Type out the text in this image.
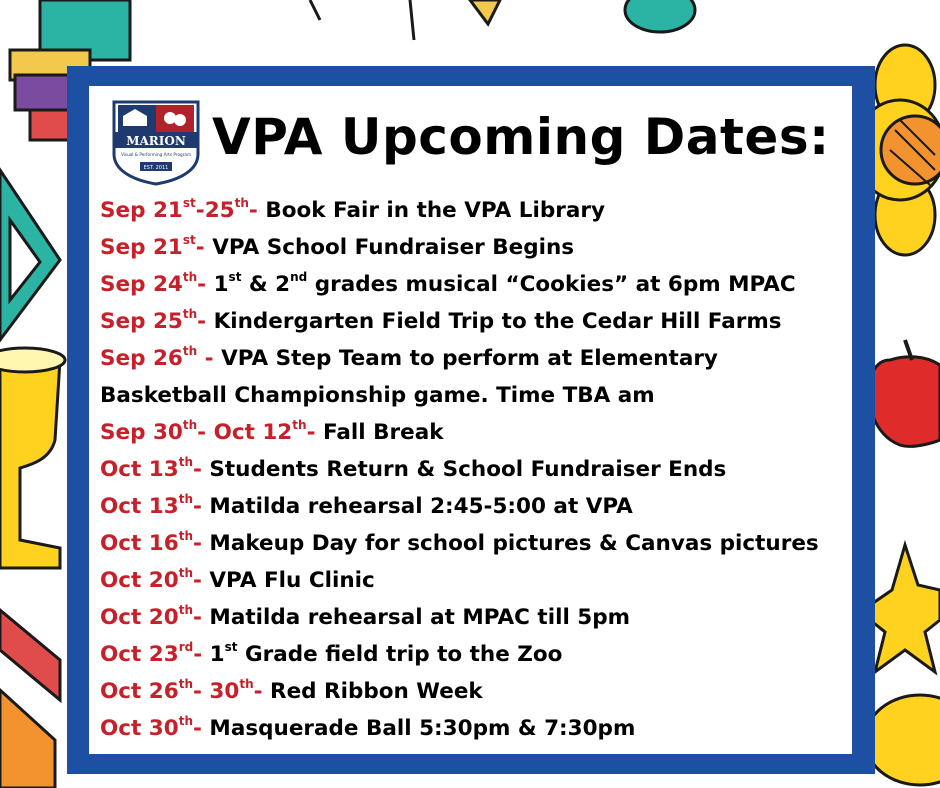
MARION
Visual & Performing Arts Program
EST. 2011
VPA Upcoming Dates:
Sep 21st-25th- Book Fair in the VPA Library
Sep 21st- VPA School Fundraiser Begins
Sep 24th- 1st & 2nd grades musical “Cookies” at 6pm MPAC
Sep 25th- Kindergarten Field Trip to the Cedar Hill Farms
Sep 26th - VPA Step Team to perform at Elementary
Basketball Championship game. Time TBA am
Sep 30th- Oct 12th- Fall Break
Oct 13th- Students Return & School Fundraiser Ends
Oct 13th- Matilda rehearsal 2:45-5:00 at VPA
Oct 16th- Makeup Day for school pictures & Canvas pictures
Oct 20th- VPA Flu Clinic
Oct 20th- Matilda rehearsal at MPAC till 5pm
Oct 23rd- 1st Grade field trip to the Zoo
Oct 26th- 30th- Red Ribbon Week
Oct 30th- Masquerade Ball 5:30pm & 7:30pm
